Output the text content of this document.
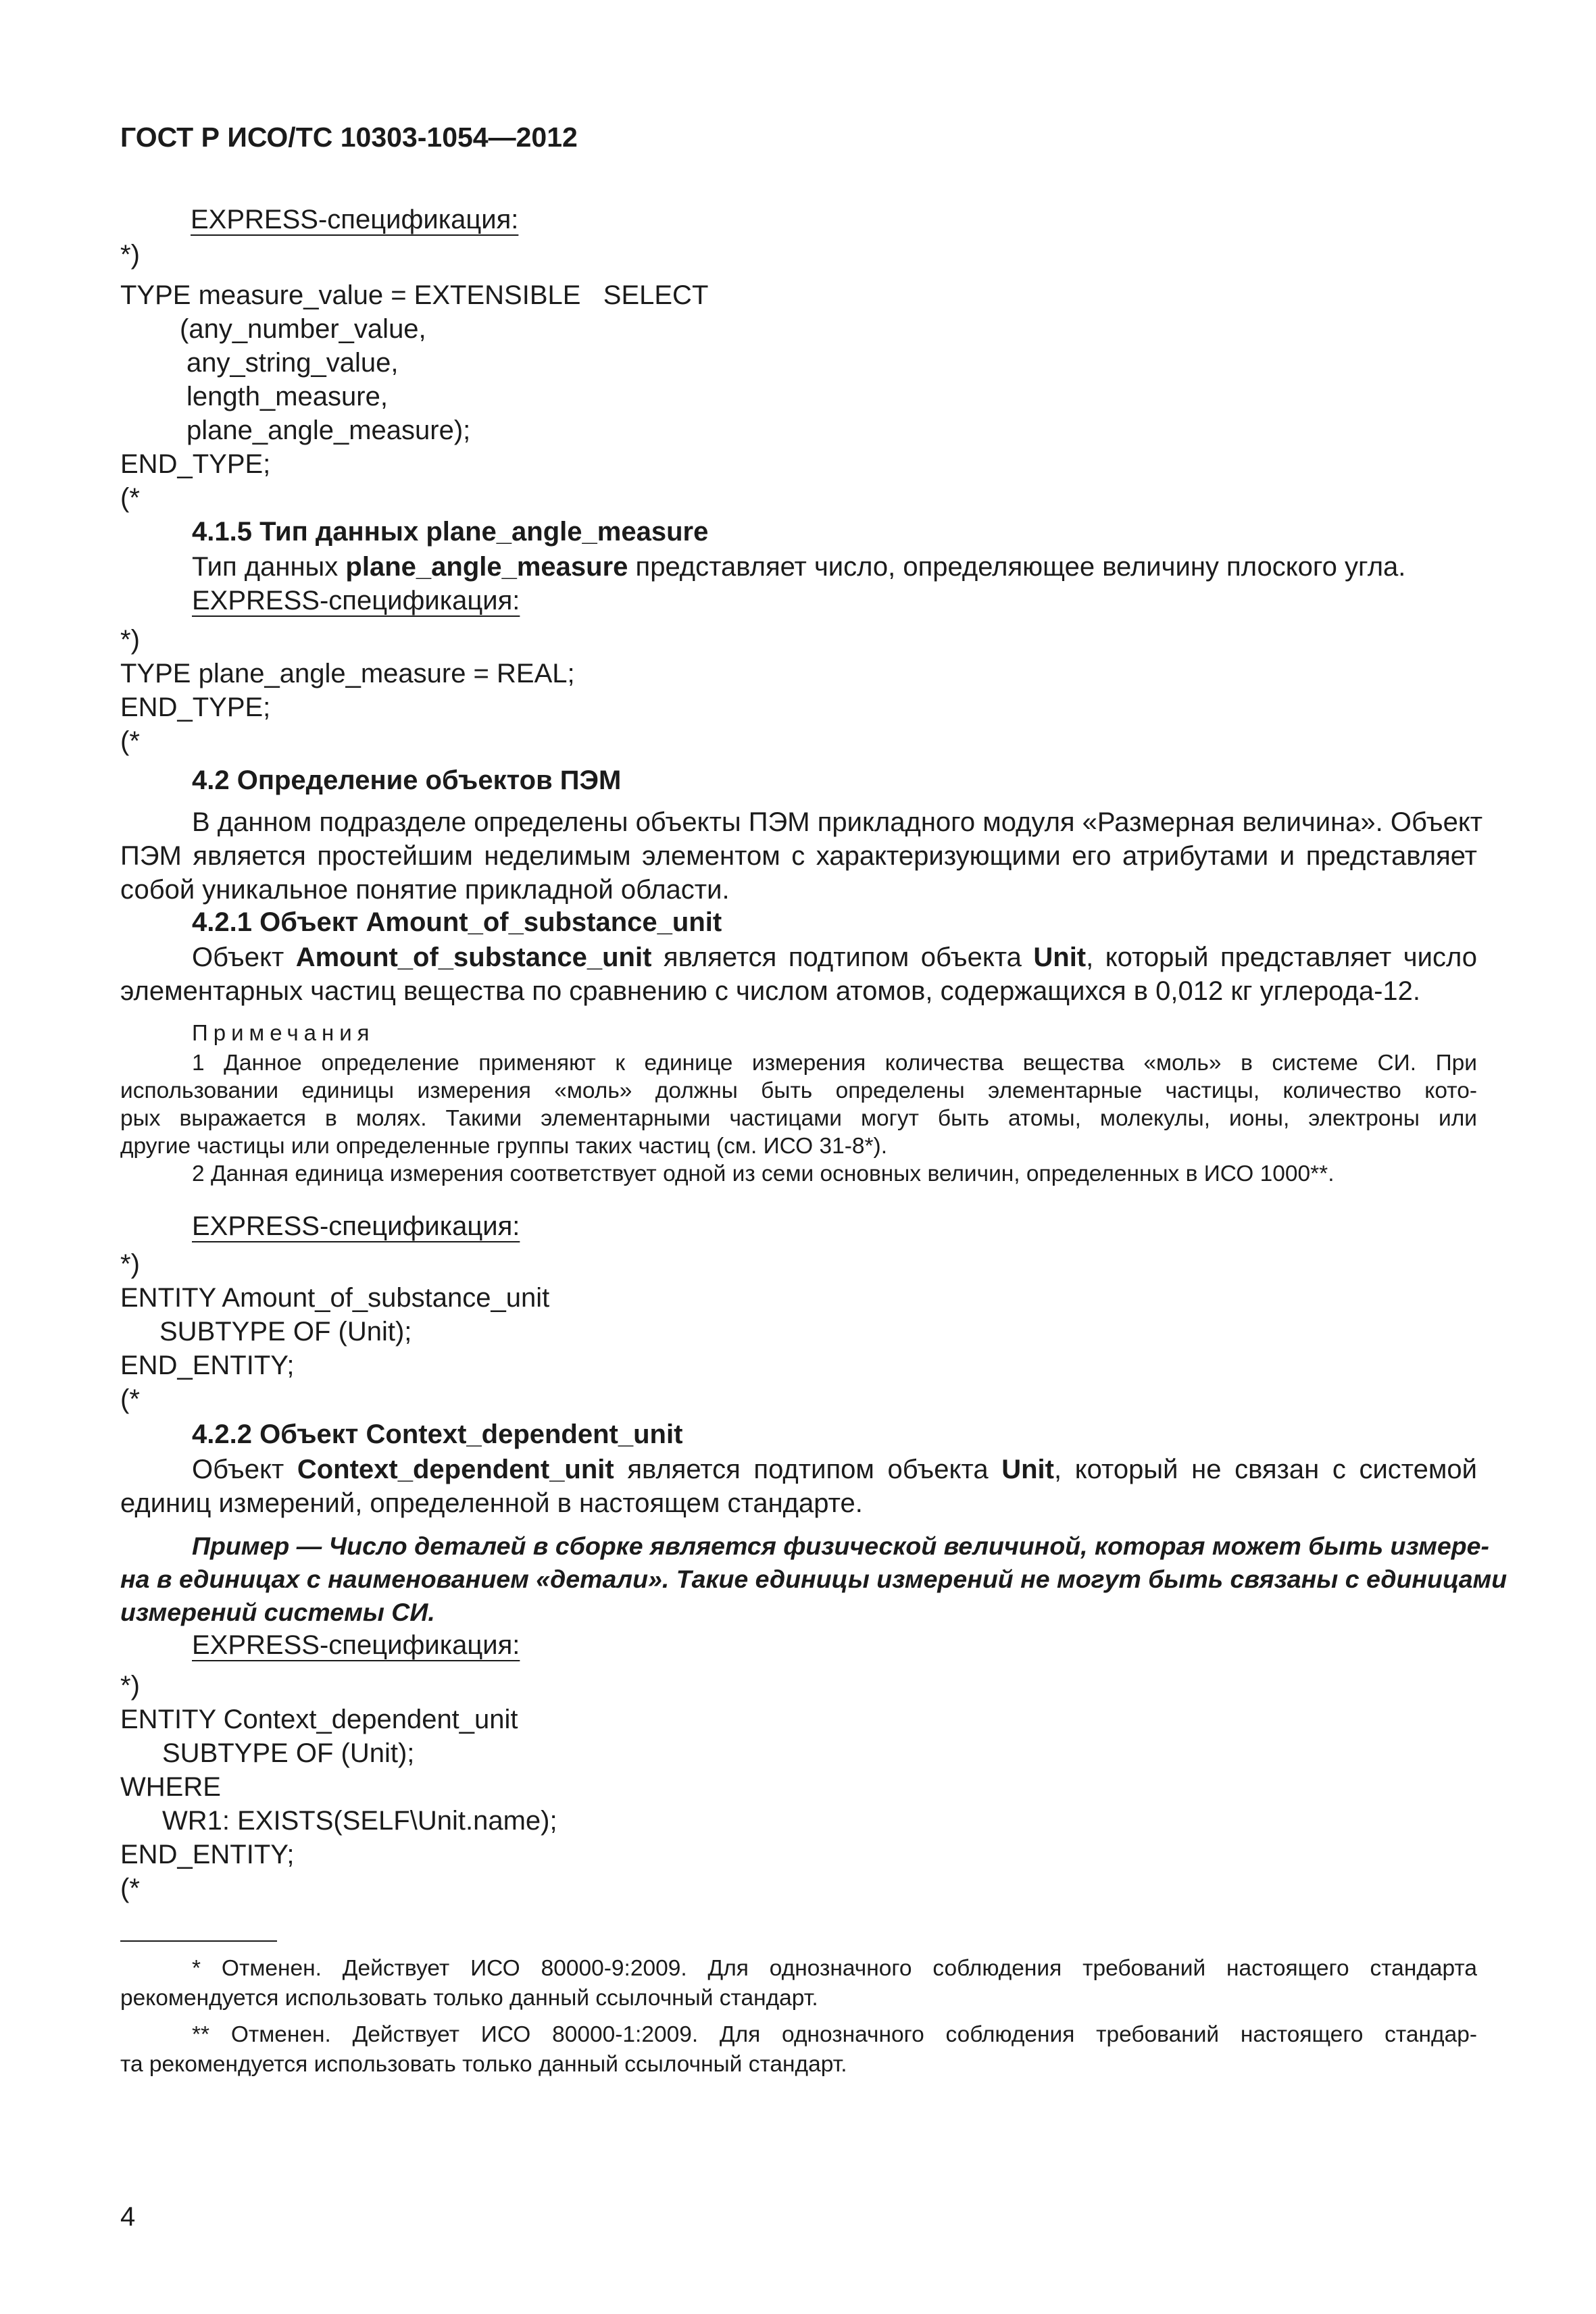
ГОСТ Р ИСО/ТС 10303-1054—2012
EXPRESS-спецификация:
*)
TYPE measure_value = EXTENSIBLE   SELECT
(any_number_value,
any_string_value,
length_measure,
plane_angle_measure);
END_TYPE;
(*
4.1.5 Тип данных plane_angle_measure
Тип данных plane_angle_measure представляет число, определяющее величину плоского угла.
EXPRESS-спецификация:
*)
TYPE plane_angle_measure = REAL;
END_TYPE;
(*
4.2 Определение объектов ПЭМ
В данном подразделе определены объекты ПЭМ прикладного модуля «Размерная величина». Объект
ПЭМ является простейшим неделимым элементом с характеризующими его атрибутами и представляет
собой уникальное понятие прикладной области.
4.2.1 Объект Amount_of_substance_unit
Объект Amount_of_substance_unit является подтипом объекта Unit, который представляет число
элементарных частиц вещества по сравнению с числом атомов, содержащихся в 0,012 кг углерода-12.
Примечания
1 Данное определение применяют к единице измерения количества вещества «моль» в системе СИ. При
использовании единицы измерения «моль» должны быть определены элементарные частицы, количество кото-
рых выражается в молях. Такими элементарными частицами могут быть атомы, молекулы, ионы, электроны или
другие частицы или определенные группы таких частиц (см. ИСО 31-8*).
2 Данная единица измерения соответствует одной из семи основных величин, определенных в ИСО 1000**.
EXPRESS-спецификация:
*)
ENTITY Amount_of_substance_unit
SUBTYPE OF (Unit);
END_ENTITY;
(*
4.2.2 Объект Context_dependent_unit
Объект Context_dependent_unit является подтипом объекта Unit, который не связан с системой
единиц измерений, определенной в настоящем стандарте.
Пример — Число деталей в сборке является физической величиной, которая может быть измере-
на в единицах с наименованием «детали». Такие единицы измерений не могут быть связаны с единицами
измерений системы СИ.
EXPRESS-спецификация:
*)
ENTITY Context_dependent_unit
SUBTYPE OF (Unit);
WHERE
WR1: EXISTS(SELF\Unit.name);
END_ENTITY;
(*
* Отменен. Действует ИСО 80000-9:2009. Для однозначного соблюдения требований настоящего стандарта
рекомендуется использовать только данный ссылочный стандарт.
** Отменен. Действует ИСО 80000-1:2009. Для однозначного соблюдения требований настоящего стандар-
та рекомендуется использовать только данный ссылочный стандарт.
4
